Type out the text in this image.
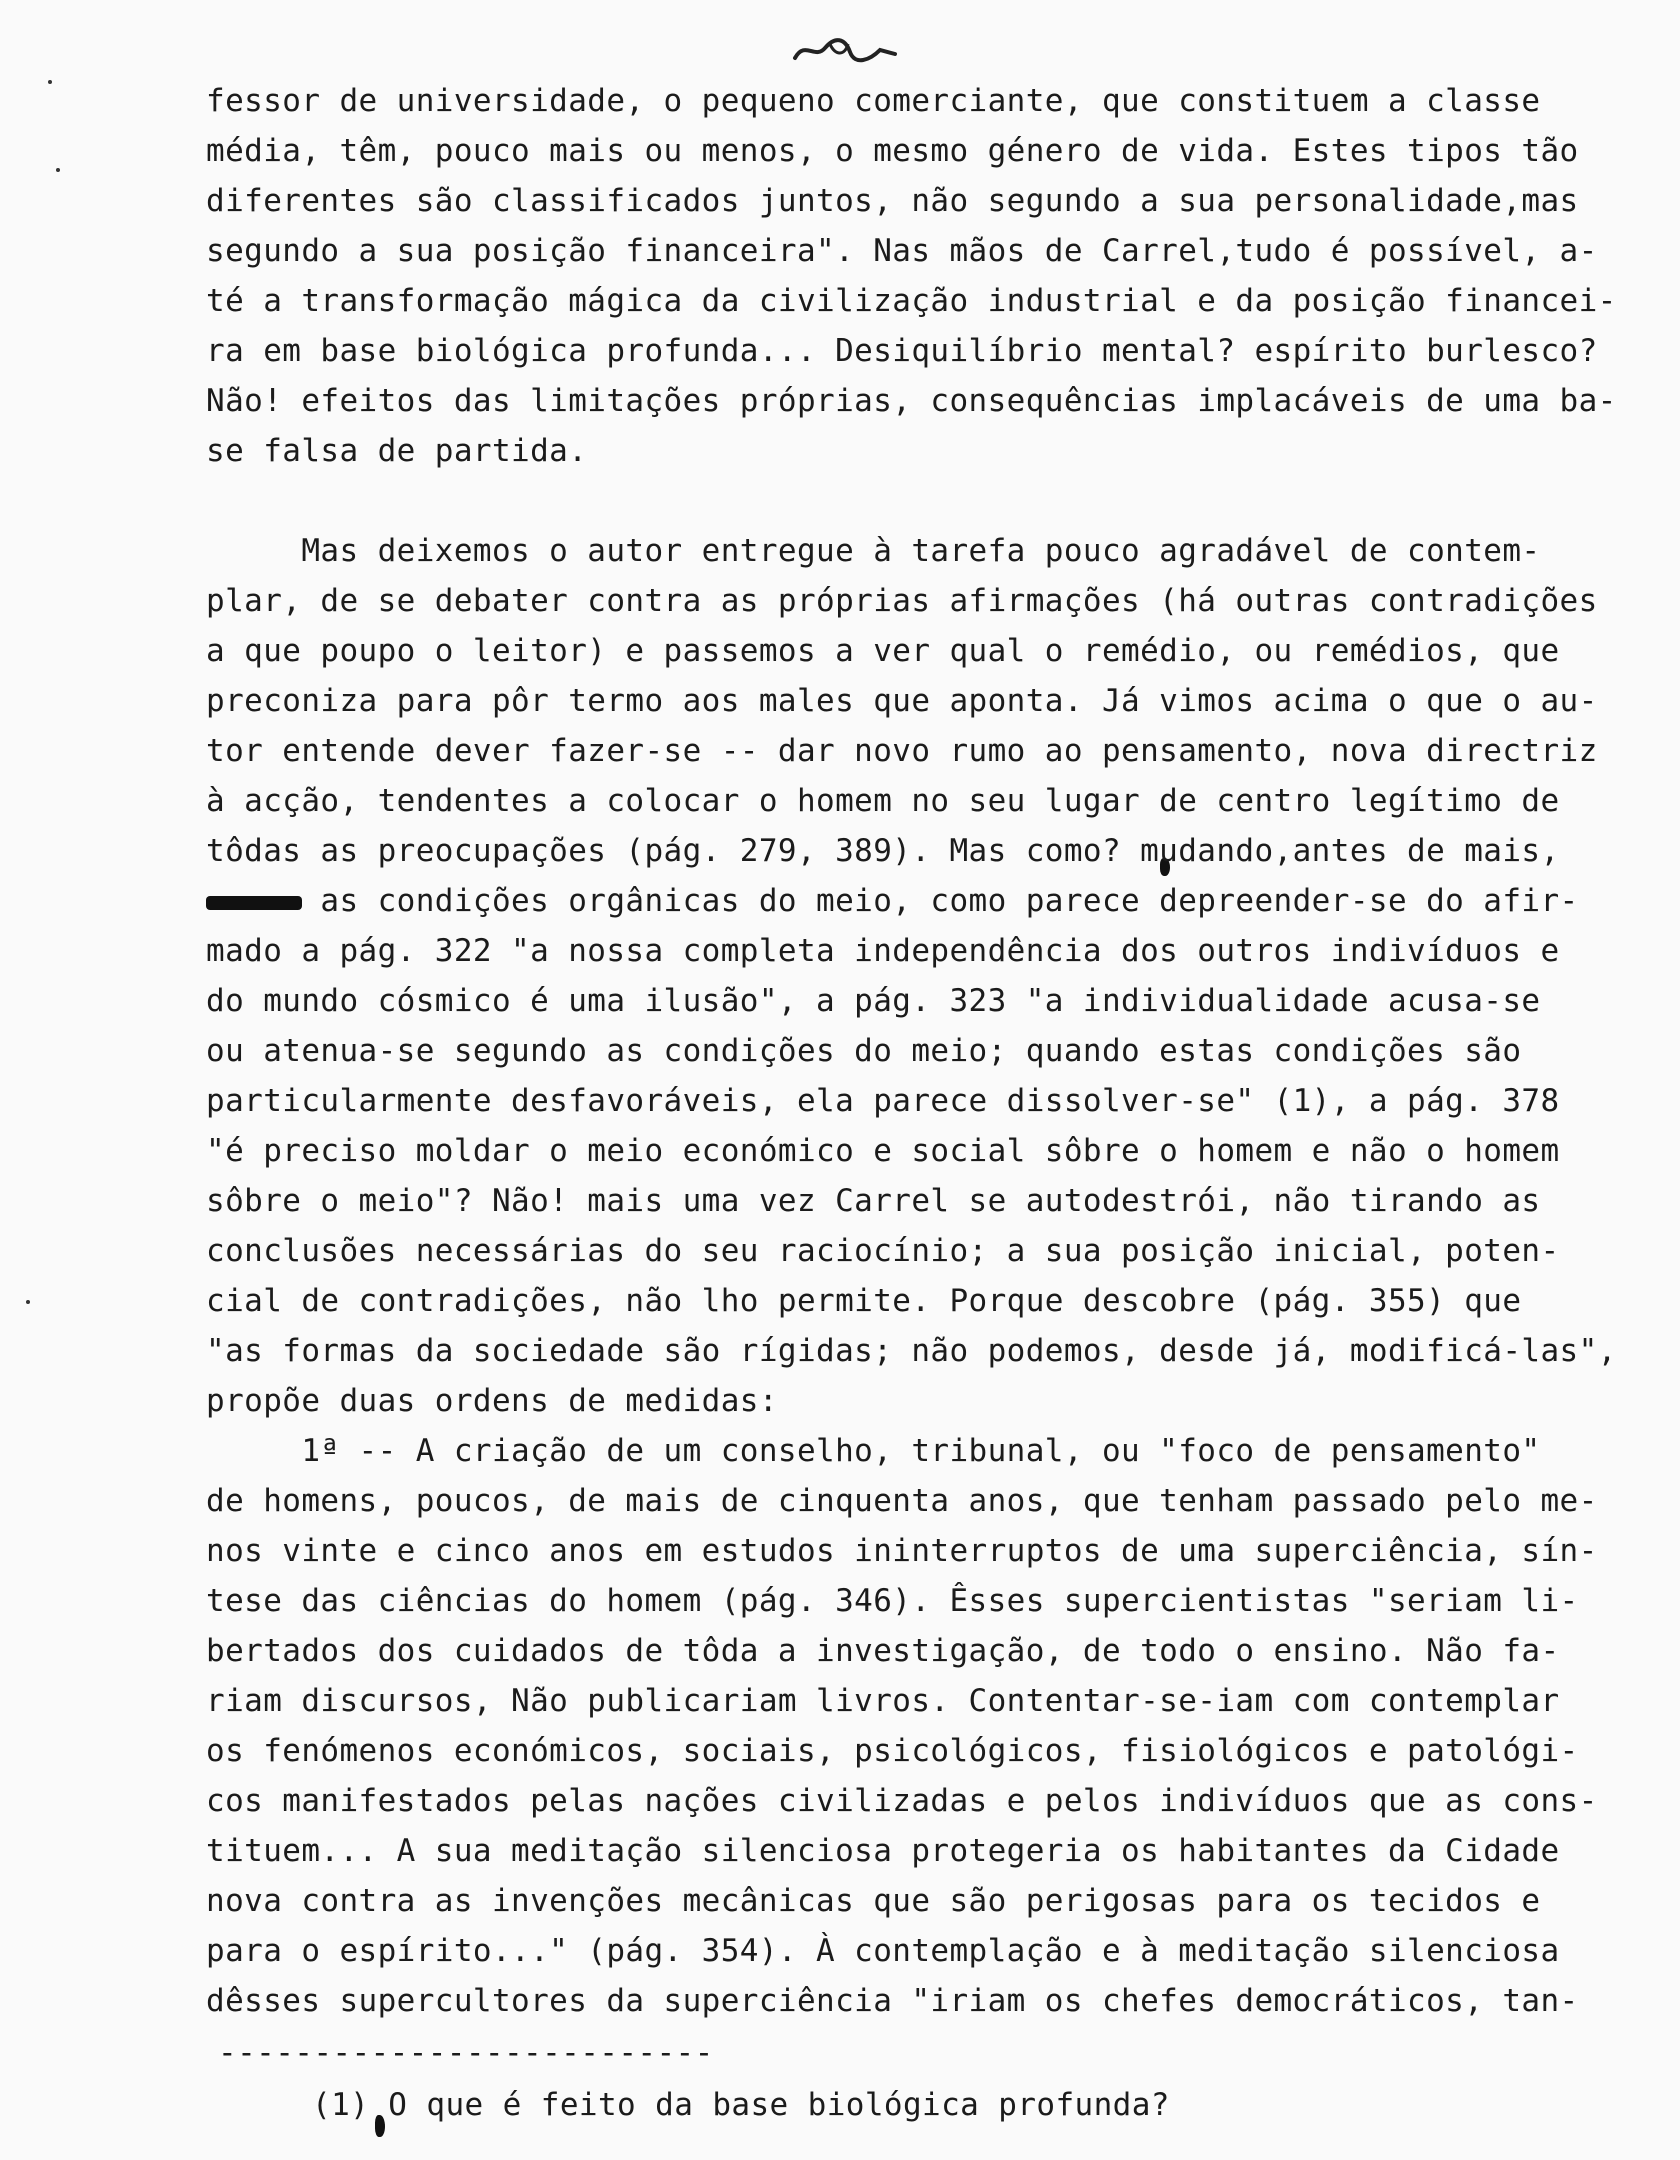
fessor de universidade, o pequeno comerciante, que constituem a classe
média, têm, pouco mais ou menos, o mesmo género de vida. Estes tipos tão
diferentes são classificados juntos, não segundo a sua personalidade,mas
segundo a sua posição financeira". Nas mãos de Carrel,tudo é possível, a-
té a transformação mágica da civilização industrial e da posição financei-
ra em base biológica profunda... Desiquilíbrio mental? espírito burlesco?
Não! efeitos das limitações próprias, consequências implacáveis de uma ba-
se falsa de partida.
Mas deixemos o autor entregue à tarefa pouco agradável de contem-
plar, de se debater contra as próprias afirmações (há outras contradições
a que poupo o leitor) e passemos a ver qual o remédio, ou remédios, que
preconiza para pôr termo aos males que aponta. Já vimos acima o que o au-
tor entende dever fazer-se -- dar novo rumo ao pensamento, nova directriz
à acção, tendentes a colocar o homem no seu lugar de centro legítimo de
tôdas as preocupações (pág. 279, 389). Mas como? mudando,antes de mais,
as condições orgânicas do meio, como parece depreender-se do afir-
mado a pág. 322 "a nossa completa independência dos outros indivíduos e
do mundo cósmico é uma ilusão", a pág. 323 "a individualidade acusa-se
ou atenua-se segundo as condições do meio; quando estas condições são
particularmente desfavoráveis, ela parece dissolver-se" (1), a pág. 378
"é preciso moldar o meio económico e social sôbre o homem e não o homem
sôbre o meio"? Não! mais uma vez Carrel se autodestrói, não tirando as
conclusões necessárias do seu raciocínio; a sua posição inicial, poten-
cial de contradições, não lho permite. Porque descobre (pág. 355) que
"as formas da sociedade são rígidas; não podemos, desde já, modificá-las",
propõe duas ordens de medidas:
1ª -- A criação de um conselho, tribunal, ou "foco de pensamento"
de homens, poucos, de mais de cinquenta anos, que tenham passado pelo me-
nos vinte e cinco anos em estudos ininterruptos de uma superciência, sín-
tese das ciências do homem (pág. 346). Êsses supercientistas "seriam li-
bertados dos cuidados de tôda a investigação, de todo o ensino. Não fa-
riam discursos, Não publicariam livros. Contentar-se-iam com contemplar
os fenómenos económicos, sociais, psicológicos, fisiológicos e patológi-
cos manifestados pelas nações civilizadas e pelos indivíduos que as cons-
tituem... A sua meditação silenciosa protegeria os habitantes da Cidade
nova contra as invenções mecânicas que são perigosas para os tecidos e
para o espírito..." (pág. 354). À contemplação e à meditação silenciosa
dêsses supercultores da superciência "iriam os chefes democráticos, tan-
--------------------------
(1) O que é feito da base biológica profunda?
